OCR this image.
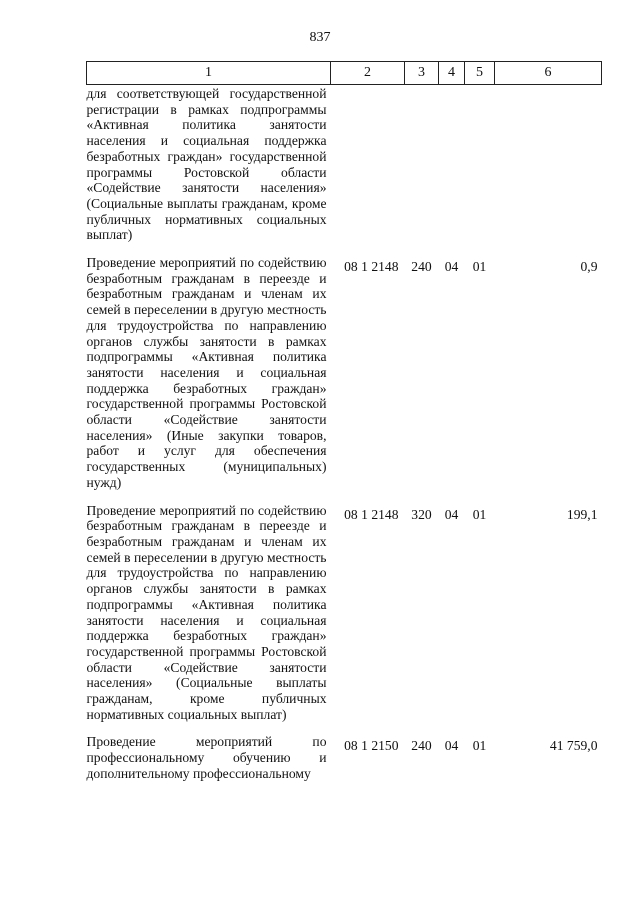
837
1	2	3	4	5	6
для соответствующей государственной регистрации в рамках подпрограммы «Активная политика занятости населения и социальная поддержка безработных граждан» государственной программы Ростовской области «Содействие занятости населения» (Социальные выплаты гражданам, кроме публичных нормативных социальных выплат)					
Проведение мероприятий по содействию безработным гражданам в переезде и безработным гражданам и членам их семей в переселении в другую местность для трудоустройства по направлению органов службы занятости в рамках подпрограммы «Активная политика занятости населения и социальная поддержка безработных граждан» государственной программы Ростовской области «Содействие занятости населения» (Иные закупки товаров, работ и услуг для обеспечения государственных (муниципальных) нужд)	08 1 2148	240	04	01	0,9
Проведение мероприятий по содействию безработным гражданам в переезде и безработным гражданам и членам их семей в переселении в другую местность для трудоустройства по направлению органов службы занятости в рамках подпрограммы «Активная политика занятости населения и социальная поддержка безработных граждан» государственной программы Ростовской области «Содействие занятости населения» (Социальные выплаты гражданам, кроме публичных нормативных социальных выплат)	08 1 2148	320	04	01	199,1
Проведение мероприятий по профессиональному обучению и дополнительному профессиональному	08 1 2150	240	04	01	41 759,0
